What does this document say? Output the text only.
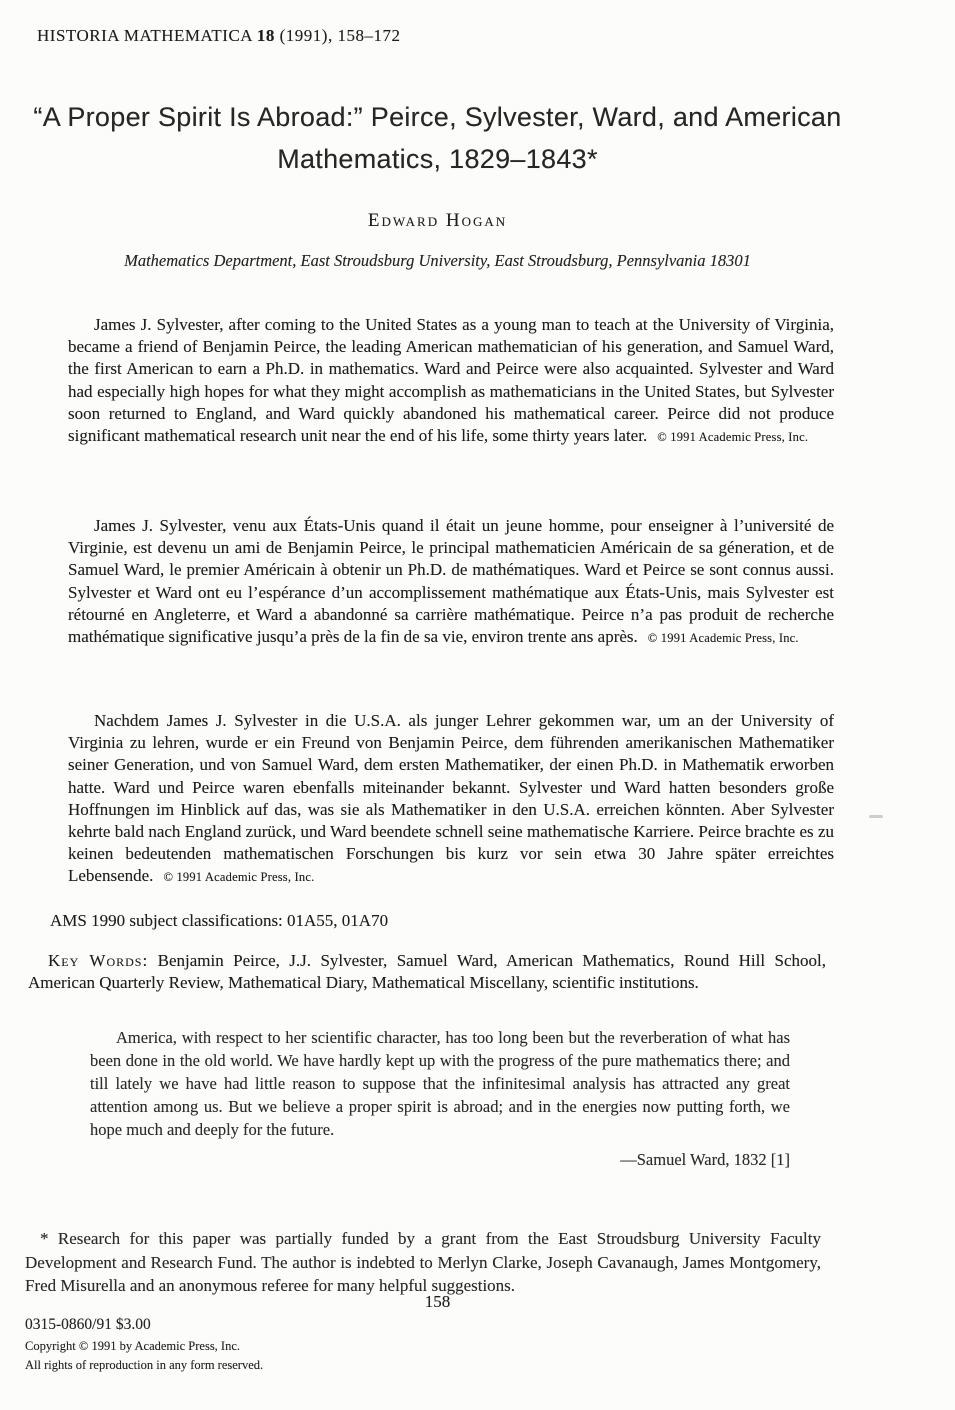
HISTORIA MATHEMATICA 18 (1991), 158–172
“A Proper Spirit Is Abroad:” Peirce, Sylvester, Ward, and American Mathematics, 1829–1843*
Edward Hogan
Mathematics Department, East Stroudsburg University, East Stroudsburg, Pennsylvania 18301

James J. Sylvester, after coming to the United States as a young man to teach at the University of Virginia, became a friend of Benjamin Peirce, the leading American mathematician of his generation, and Samuel Ward, the first American to earn a Ph.D. in mathematics. Ward and Peirce were also acquainted. Sylvester and Ward had especially high hopes for what they might accomplish as mathematicians in the United States, but Sylvester soon returned to England, and Ward quickly abandoned his mathematical career. Peirce did not produce significant mathematical research unit near the end of his life, some thirty years later. © 1991 Academic Press, Inc.

James J. Sylvester, venu aux États-Unis quand il était un jeune homme, pour enseigner à l’université de Virginie, est devenu un ami de Benjamin Peirce, le principal mathematicien Américain de sa géneration, et de Samuel Ward, le premier Américain à obtenir un Ph.D. de mathématiques. Ward et Peirce se sont connus aussi. Sylvester et Ward ont eu l’espérance d’un accomplissement mathématique aux États-Unis, mais Sylvester est rétourné en Angleterre, et Ward a abandonné sa carrière mathématique. Peirce n’a pas produit de recherche mathématique significative jusqu’a près de la fin de sa vie, environ trente ans après. © 1991 Academic Press, Inc.

Nachdem James J. Sylvester in die U.S.A. als junger Lehrer gekommen war, um an der University of Virginia zu lehren, wurde er ein Freund von Benjamin Peirce, dem führenden amerikanischen Mathematiker seiner Generation, und von Samuel Ward, dem ersten Mathematiker, der einen Ph.D. in Mathematik erworben hatte. Ward und Peirce waren ebenfalls miteinander bekannt. Sylvester und Ward hatten besonders große Hoffnungen im Hinblick auf das, was sie als Mathematiker in den U.S.A. erreichen könnten. Aber Sylvester kehrte bald nach England zurück, und Ward beendete schnell seine mathematische Karriere. Peirce brachte es zu keinen bedeutenden mathematischen Forschungen bis kurz vor sein etwa 30 Jahre später erreichtes Lebensende. © 1991 Academic Press, Inc.

AMS 1990 subject classifications: 01A55, 01A70

Key Words: Benjamin Peirce, J.J. Sylvester, Samuel Ward, American Mathematics, Round Hill School, American Quarterly Review, Mathematical Diary, Mathematical Miscellany, scientific institutions.

America, with respect to her scientific character, has too long been but the reverberation of what has been done in the old world. We have hardly kept up with the progress of the pure mathematics there; and till lately we have had little reason to suppose that the infinitesimal analysis has attracted any great attention among us. But we believe a proper spirit is abroad; and in the energies now putting forth, we hope much and deeply for the future.
—Samuel Ward, 1832 [1]

* Research for this paper was partially funded by a grant from the East Stroudsburg University Faculty Development and Research Fund. The author is indebted to Merlyn Clarke, Joseph Cavanaugh, James Montgomery, Fred Misurella and an anonymous referee for many helpful suggestions.

158
0315-0860/91 $3.00
Copyright © 1991 by Academic Press, Inc.
All rights of reproduction in any form reserved.
